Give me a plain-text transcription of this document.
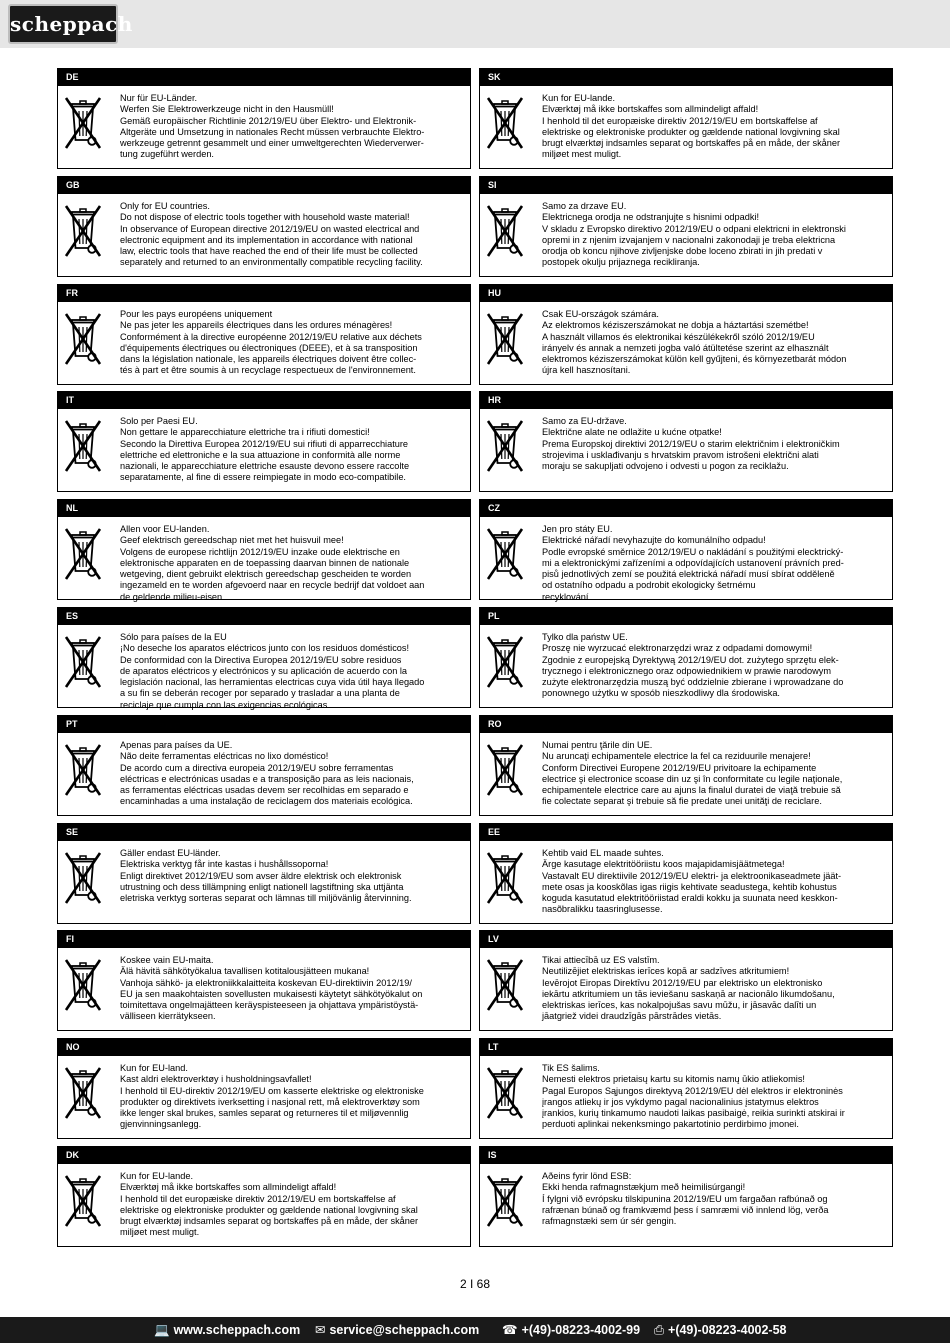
scheppach
DE
Nur für EU-Länder.
Werfen Sie Elektrowerkzeuge nicht in den Hausmüll!
Gemäß europäischer Richtlinie 2012/19/EU über Elektro- und Elektronik-
Altgeräte und Umsetzung in nationales Recht müssen verbrauchte Elektro-
werkzeuge getrennt gesammelt und einer umweltgerechten Wiederverwer-
tung zugeführt werden.
SK
Kun for EU-lande.
Elværktøj må ikke bortskaffes som allmindeligt affald!
I henhold til det europæiske direktiv 2012/19/EU em bortskaffelse af
elektriske og elektroniske produkter og gældende national lovgivning skal
brugt elværktøj indsamles separat og bortskaffes på en måde, der skåner
miljøet mest muligt.
GB
Only for EU countries.
Do not dispose of electric tools together with household waste material!
In observance of European directive 2012/19/EU on wasted electrical and
electronic equipment and its implementation in accordance with national
law, electric tools that have reached the end of their life must be collected
separately and returned to an environmentally compatible recycling facility.
SI
Samo za drzave EU.
Elektricnega orodja ne odstranjujte s hisnimi odpadki!
V skladu z Evropsko direktivo 2012/19/EU o odpani elektricni in elektronski
opremi in z njenim izvajanjem v nacionalni zakonodaji je treba elektricna
orodja ob koncu njihove zivljenjske dobe loceno zbirati in jih predati v
postopek okulju prijaznega recikliranja.
FR
Pour les pays européens uniquement
Ne pas jeter les appareils électriques dans les ordures ménagères!
Conformément à la directive européenne 2012/19/EU relative aux déchets
d'équipements électriques ou électroniques (DEEE), et à sa transposition
dans la législation nationale, les appareils électriques doivent être collec-
tés à part et être soumis à un recyclage respectueux de l'environnement.
HU
Csak EU-országok számára.
Az elektromos kéziszerszámokat ne dobja a háztartási szemétbe!
A használt villamos és elektronikai készülékekről szóló 2012/19/EU
irányelv és annak a nemzeti jogba való átültetése szerint az elhasznált
elektromos kéziszerszámokat külön kell gyűjteni, és környezetbarát módon
újra kell hasznosítani.
IT
Solo per Paesi EU.
Non gettare le apparecchiature elettriche tra i rifiuti domestici!
Secondo la Direttiva Europea 2012/19/EU sui rifiuti di apparrecchiature
elettriche ed elettroniche e la sua attuazione in conformità alle norme
nazionali, le apparecchiature elettriche esauste devono essere raccolte
separatamente, al fine di essere reimpiegate in modo eco-compatibile.
HR
Samo za EU-države.
Električne alate ne odlažite u kućne otpatke!
Prema Europskoj direktivi 2012/19/EU o starim električnim i elektroničkim
strojevima i usklađivanju s hrvatskim pravom istrošeni električni alati
moraju se sakupljati odvojeno i odvesti u pogon za reciklažu.
NL
Allen voor EU-landen.
Geef elektrisch gereedschap niet met het huisvuil mee!
Volgens de europese richtlijn 2012/19/EU inzake oude elektrische en
elektronische apparaten en de toepassing daarvan binnen de nationale
wetgeving, dient gebruikt elektrisch gereedschap gescheiden te worden
ingezameld en te worden afgevoerd naar en recycle bedrijf dat voldoet aan
de geldende milieu-eisen.
CZ
Jen pro státy EU.
Elektrické nářadí nevyhazujte do komunálního odpadu!
Podle evropské směrnice 2012/19/EU o nakládání s použitými elecktrický-
mi a elektronickými zařízeními a odpovídajících ustanovení právních pred-
pisů jednotlivých zemí se použitá elektrická nářadí musí sbírat odděleně
od ostatního odpadu a podrobit ekologicky šetrnému
recyklování.
ES
Sólo para países de la EU
¡No deseche los aparatos eléctricos junto con los residuos domésticos!
De conformidad con la Directiva Europea 2012/19/EU sobre residuos
de aparatos eléctricos y electrónicos y su aplicación de acuerdo con la
legislación nacional, las herramientas electricas cuya vida útil haya llegado
a su fin se deberán recoger por separado y trasladar a una planta de
reciclaje que cumpla con las exigencias ecológicas.
PL
Tylko dla państw UE.
Proszę nie wyrzucać elektronarzędzi wraz z odpadami domowymi!
Zgodnie z europejską Dyrektywą 2012/19/EU dot. zużytego sprzętu elek-
trycznego i elektronicznego oraz odpowiednikiem w prawie narodowym
zużyte elektronarzędzia muszą być oddzielnie zbierane i wprowadzane do
ponownego użytku w sposób nieszkodliwy dla środowiska.
PT
Apenas para países da UE.
Não deite ferramentas eléctricas no lixo doméstico!
De acordo cum a directiva europeia 2012/19/EU sobre ferramentas
eléctricas e electrónicas usadas e a transposição para as leis nacionais,
as ferramentas eléctricas usadas devem ser recolhidas em separado e
encaminhadas a uma instalação de reciclagem dos materiais ecológica.
RO
Numai pentru ţările din UE.
Nu aruncaţi echipamentele electrice la fel ca reziduurile menajere!
Conform Directivei Europene 2012/19/EU privitoare la echipamente
electrice şi electronice scoase din uz şi în conformitate cu legile naţionale,
echipamentele electrice care au ajuns la finalul duratei de viaţă trebuie să
fie colectate separat şi trebuie să fie predate unei unităţi de reciclare.
SE
Gäller endast EU-länder.
Elektriska verktyg får inte kastas i hushållssoporna!
Enligt direktivet 2012/19/EU som avser äldre elektrisk och elektronisk
utrustning och dess tillämpning enligt nationell lagstiftning ska uttjänta
eletriska verktyg sorteras separat och lämnas till miljövänlig återvinning.
EE
Kehtib vaid EL maade suhtes.
Ärge kasutage elektritööriistu koos majapidamisjäätmetega!
Vastavalt EU direktiivile 2012/19/EU elektri- ja elektroonikaseadmete jäät-
mete osas ja kooskõlas igas riigis kehtivate seadustega, kehtib kohustus
koguda kasutatud elektritööriistad eraldi kokku ja suunata need keskkon-
nasõbralikku taasringlusesse.
FI
Koskee vain EU-maita.
Älä hävitä sähkötyökalua tavallisen kotitalousjätteen mukana!
Vanhoja sähkö- ja elektroniikkalaitteita koskevan EU-direktiivin 2012/19/
EU ja sen maakohtaisten sovellusten mukaisesti käytetyt sähkötyökalut on
toimitettava ongelmajätteen keräyspisteeseen ja ohjattava ympäristöystä-
välliseen kierrätykseen.
LV
Tikai attiecībā uz ES valstīm.
Neutilizējiet elektriskas ierīces kopā ar sadzīves atkritumiem!
Ievērojot Eiropas Direktīvu 2012/19/EU par elektrisko un elektronisko
iekārtu atkritumiem un tās ieviešanu saskaņā ar nacionālo likumdošanu,
elektriskas ierīces, kas nokalpojušas savu mūžu, ir jāsavāc dalīti un
jāatgriež videi draudzīgās pārstrādes vietās.
NO
Kun for EU-land.
Kast aldri elektroverktøy i husholdningsavfallet!
I henhold til EU-direktiv 2012/19/EU om kasserte elektriske og elektroniske
produkter og direktivets iverksetting i nasjonal rett, må elektroverktøy som
ikke lenger skal brukes, samles separat og returneres til et miljøvennlig
gjenvinningsanlegg.
LT
Tik ES šalims.
Nemesti elektros prietaisų kartu su kitomis namų ūkio atliekomis!
Pagal Europos Sąjungos direktyvą 2012/19/EU dėl elektros ir elektroninės
įrangos atliekų ir jos vykdymo pagal nacionalinius įstatymus elektros
įrankios, kurių tinkamumo naudoti laikas pasibaigė, reikia surinkti atskirai ir
perduoti aplinkai nekenksmingo pakartotinio perdirbimo įmonei.
DK
Kun for EU-lande.
Elværktøj må ikke bortskaffes som allmindeligt affald!
I henhold til det europæiske direktiv 2012/19/EU em bortskaffelse af
elektriske og elektroniske produkter og gældende national lovgivning skal
brugt elværktøj indsamles separat og bortskaffes på en måde, der skåner
miljøet mest muligt.
IS
Aðeins fyrir lönd ESB:
Ekki henda rafmagnstækjum með heimilisúrgangi!
Í fylgni við evrópsku tilskipunina 2012/19/EU um fargaðan rafbúnað og
rafrænan búnað og framkvæmd þess í samræmi við innlend lög, verða
rafmagnstæki sem úr sér gengin.
2 I 68
💻 www.scheppach.com ✉ service@scheppach.com ☎ +(49)-08223-4002-99 ⎙ +(49)-08223-4002-58
